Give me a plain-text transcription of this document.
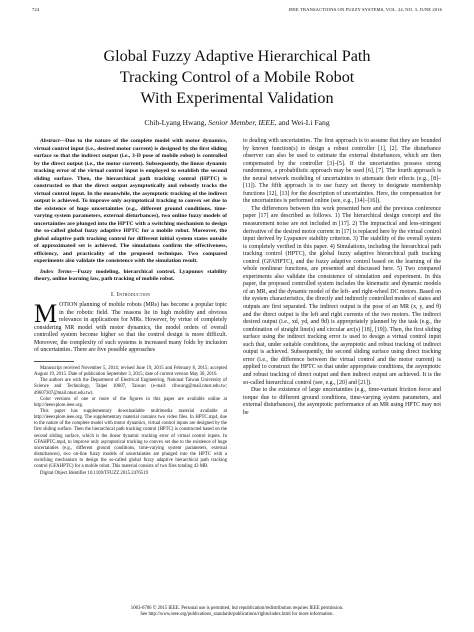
724	IEEE TRANSACTIONS ON FUZZY SYSTEMS, VOL. 24, NO. 3, JUNE 2016
Global Fuzzy Adaptive Hierarchical Path
Tracking Control of a Mobile Robot
With Experimental Validation
Chih-Lyang Hwang, Senior Member, IEEE, and Wei-Li Fang

Abstract—Due to the nature of the complete model with motor dynamics, virtual control input (i.e., desired motor current) is designed by the first sliding surface so that the indirect output (i.e., 3-D pose of mobile robot) is controlled by the direct output (i.e., the motor current). Subsequently, the linear dynamic tracking error of the virtual control input is employed to establish the second sliding surface. Then, the hierarchical path tracking control (HPTC) is constructed so that the direct output asymptotically and robustly tracks the virtual control input. In the meanwhile, the asymptotic tracking of the indirect output is achieved. To improve only asymptotical tracking to convex set due to the existence of huge uncertainties (e.g., different ground conditions, time-varying system parameters, external disturbances), two online fuzzy models of uncertainties are plunged into the HPTC with a switching mechanism to design the so-called global fuzzy adaptive HPTC for a mobile robot. Moreover, the global adaptive path tracking control for different initial system states outside of approximated set is achieved. The simulations confirm the effectiveness, efficiency, and practicality of the proposed technique. Two compared experiments also validate the consistence with the simulation result.

Index Terms—Fuzzy modeling, hierarchical control, Lyapunov stability theory, online learning law, path tracking of mobile robot.

I. Introduction

MOTION planning of mobile robots (MRs) has become a popular topic in the robotic field. The reasons lie in high mobility and obvious relevance in applications for MRs. However, by virtue of completely considering MR model with motor dynamics, the model orders of overall controlled system become higher so that the control design is more difficult. Moreover, the complexity of such systems is increased many folds by inclusion of uncertainties. There are five possible approaches

Manuscript received November 5, 2014; revised June 19, 2015 and February 8, 2015; accepted August 19, 2015. Date of publication September 3, 2015; date of current version May 30, 2016.

The authors are with the Department of Electrical Engineering, National Taiwan University of Science and Technology, Taipei 10607, Taiwan (e-mail: clhwang@mail.ntust.edu.tw; d9607307@mail.ntust.edu.tw).

Color versions of one or more of the figures in this paper are available online at http://ieeexplore.ieee.org.

This paper has supplementary downloadable multimedia material available at http://ieeexplore.ieee.org. The supplementary material contains two video files. In HPTC.mp4, due to the nature of the complete model with motor dynamics, virtual control inputs are designed by the first sliding surface. Then the hierarchical path tracking control (HPTC) is constructed based on the second sliding surface, which is the linear dynamic tracking error of virtual control inputs. In GFAHPTC.mp4, to improve only asymptotical tracking to convex set due to the existence of huge uncertainties (e.g., different ground conditions, time-varying system parameters, external disturbances), two on-line fuzzy models of uncertainties are plunged into the HPTC with a switching mechanism to design the so-called global fuzzy adaptive hierarchical path tracking control (GFAHPTC) for a mobile robot. This material consists of two files totaling 43 MB.

Digital Object Identifier 10.1109/TFUZZ.2015.2476519

to dealing with uncertainties. The first approach is to assume that they are bounded by known function(s) to design a robust controller [1], [2]. The disturbance observer can also be used to estimate the external disturbances, which are then compensated by the controller [3]–[5]. If the uncertainties possess strong randomness, a probabilistic approach may be used [6], [7]. The fourth approach is the neural network modeling of uncertainties to attenuate their effects (e.g., [8]–[11]). The fifth approach is to use fuzzy set theory to designate membership functions [12], [13] for the description of uncertainties. Here, the compensation for the uncertainties is performed online (see, e.g., [14]–[16]).

The differences between this work presented here and the previous conference paper [17] are described as follows. 1) The hierarchical design concept and the measurement noise are not included in [17]. 2) The impractical and less-stringent derivative of the desired motor current in [17] is replaced here by the virtual control input derived by Lyapunov stability criterion. 3) The stability of the overall system is completely verified in this paper. 4) Simulations, including the hierarchical path tracking control (HPTC), the global fuzzy adaptive hierarchical path tracking control (GFAHPTC), and the fuzzy adaptive control based on the learning of the whole nonlinear functions, are presented and discussed here. 5) Two compared experiments also validate the consistence of simulation and experiment. In this paper, the proposed controlled system includes the kinematic and dynamic models of an MR, and the dynamic model of the left- and right-wheel DC motors. Based on the system characteristics, the directly and indirectly controlled modes of states and outputs are first separated. The indirect output is the pose of an MR (x, y, and θ) and the direct output is the left and right currents of the two motors. The indirect desired output (i.e., xd, yd, and θd) is appropriately planned by the task (e.g., the combination of straight line(s) and circular arc(s) [18], [19]). Then, the first sliding surface using the indirect tracking error is used to design a virtual control input such that, under suitable conditions, the asymptotic and robust tracking of indirect output is achieved. Subsequently, the second sliding surface using direct tracking error (i.e., the difference between the virtual control and the motor current) is applied to construct the HPTC so that under appropriate conditions, the asymptotic and robust tracking of direct output and then indirect output are achieved. It is the so-called hierarchical control (see, e.g., [20] and [21]).

Due to the existence of large uncertainties (e.g., time-variant friction force and torque due to different ground conditions, time-varying system parameters, and external disturbances), the asymptotic performance of an MR using HPTC may not be

1063-6706 © 2015 IEEE. Personal use is permitted, but republication/redistribution requires IEEE permission.
See http://www.ieee.org/publications_standards/publications/rights/index.html for more information.
